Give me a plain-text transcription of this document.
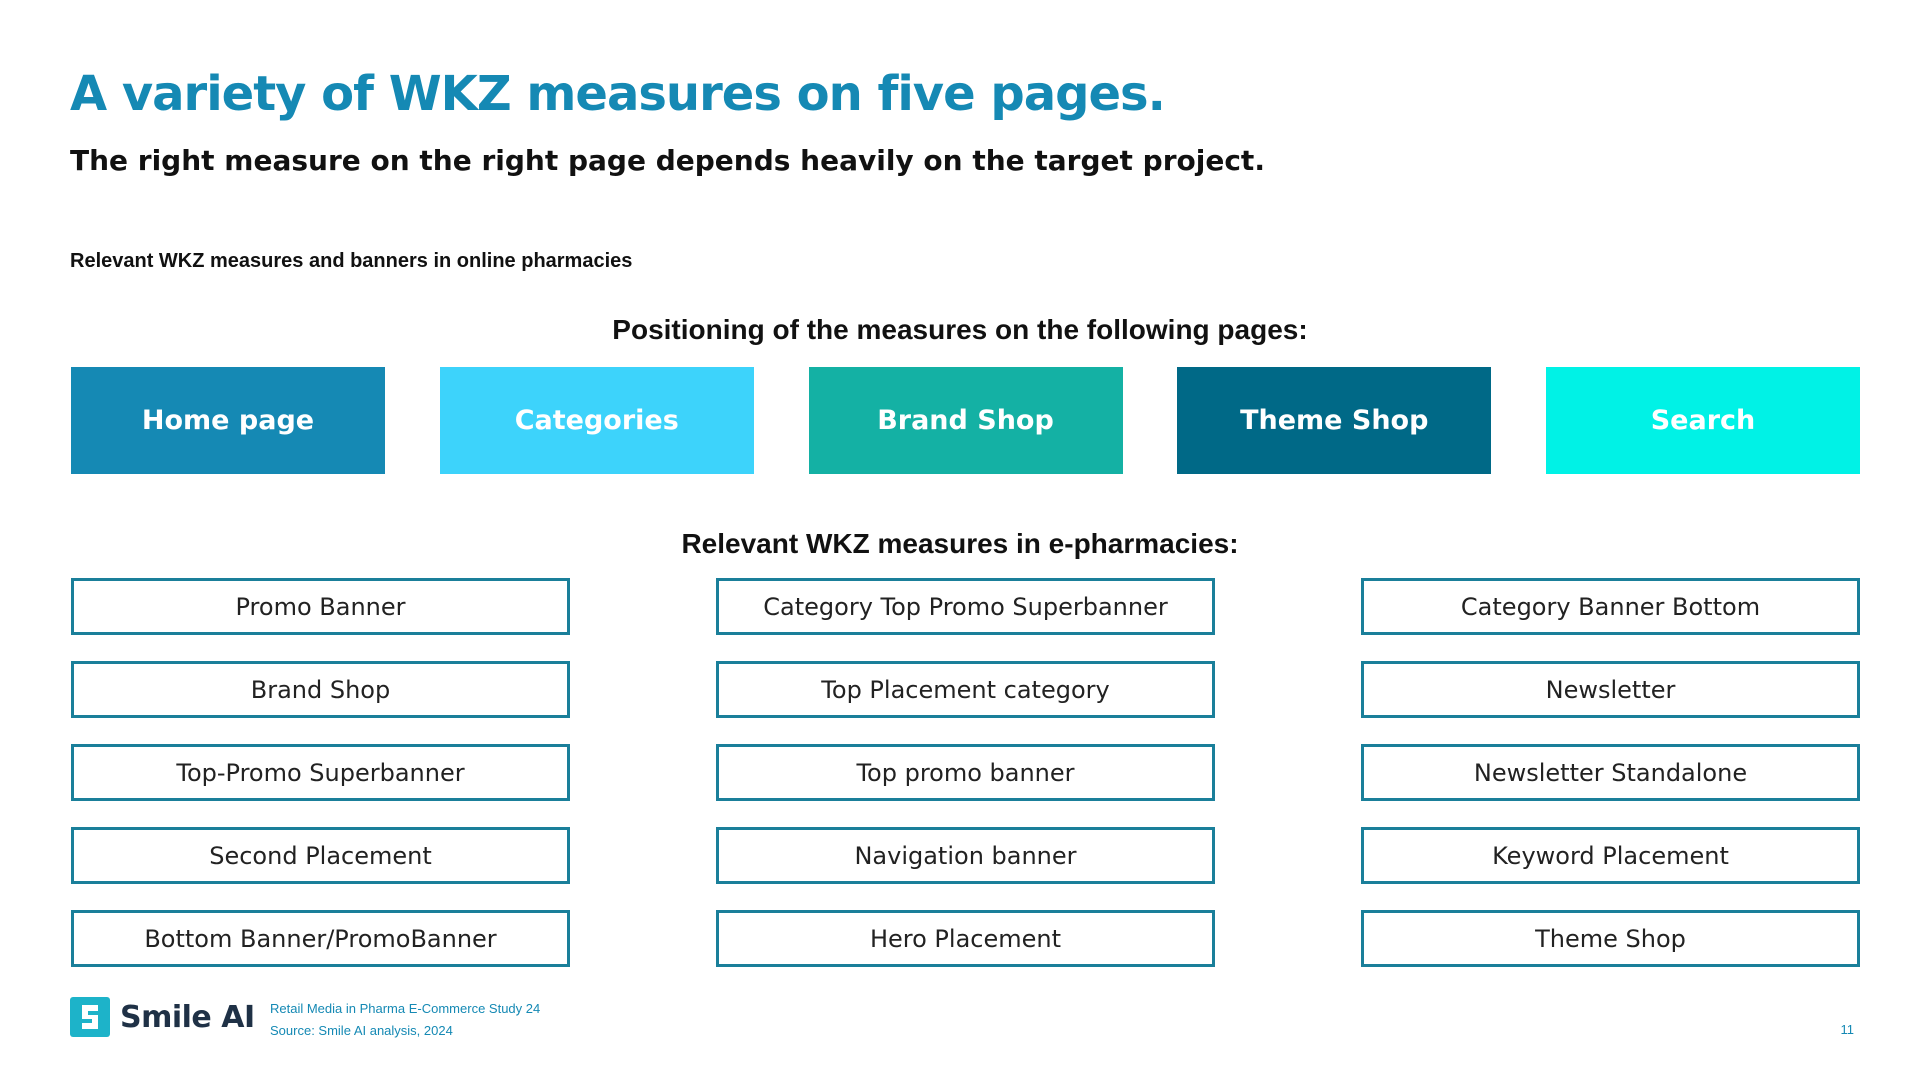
A variety of WKZ measures on five pages.
The right measure on the right page depends heavily on the target project.
Relevant WKZ measures and banners in online pharmacies
Positioning of the measures on the following pages:
Home page	Categories	Brand Shop	Theme Shop	Search
Relevant WKZ measures in e-pharmacies:
Promo Banner	Category Top Promo Superbanner	Category Banner Bottom
Brand Shop	Top Placement category	Newsletter
Top-Promo Superbanner	Top promo banner	Newsletter Standalone
Second Placement	Navigation banner	Keyword Placement
Bottom Banner/PromoBanner	Hero Placement	Theme Shop
Smile AI Retail Media in Pharma E-Commerce Study 24
Source: Smile AI analysis, 2024	11
